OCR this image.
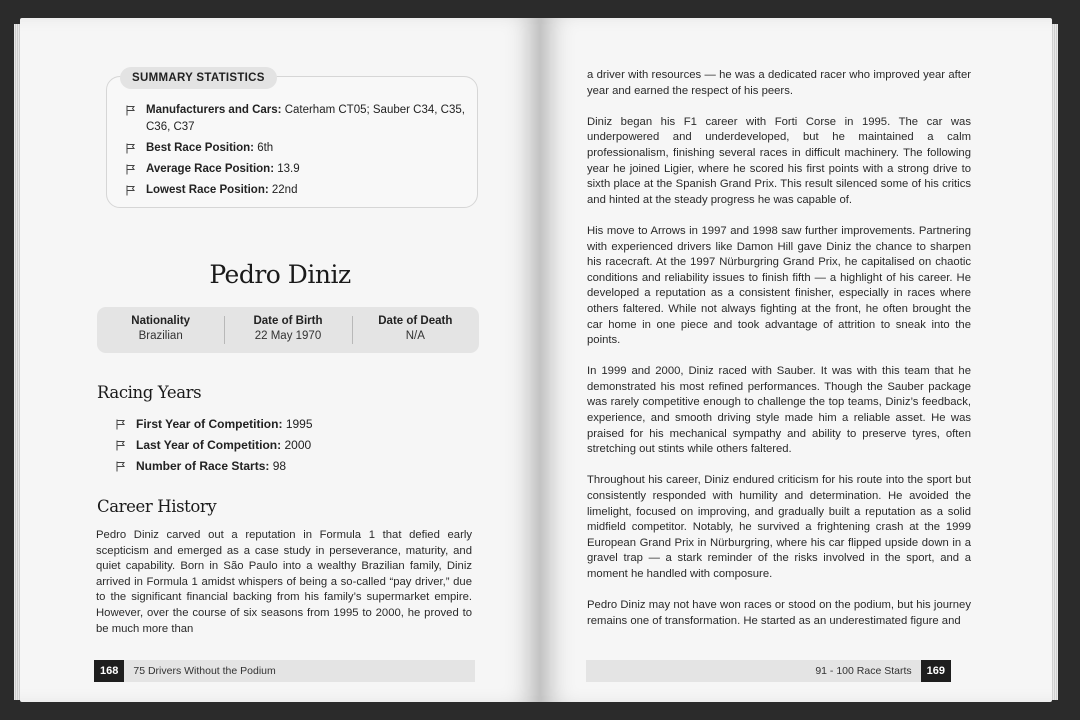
SUMMARY STATISTICS
Manufacturers and Cars: Caterham CT05; Sauber C34, C35, C36, C37
Best Race Position: 6th
Average Race Position: 13.9
Lowest Race Position: 22nd
Pedro Diniz
Nationality
Brazilian
Date of Birth
22 May 1970
Date of Death
N/A
Racing Years
First Year of Competition: 1995
Last Year of Competition: 2000
Number of Race Starts: 98
Career History

Pedro Diniz carved out a reputation in Formula 1 that defied early scepticism and emerged as a case study in perseverance, maturity, and quiet capability. Born in São Paulo into a wealthy Brazilian family, Diniz arrived in Formula 1 amidst whispers of being a so-called “pay driver,” due to the significant financial backing from his family’s supermarket empire. However, over the course of six seasons from 1995 to 2000, he proved to be much more than

168	75 Drivers Without the Podium

a driver with resources — he was a dedicated racer who improved year after year and earned the respect of his peers.

Diniz began his F1 career with Forti Corse in 1995. The car was underpowered and underdeveloped, but he maintained a calm professionalism, finishing several races in difficult machinery. The following year he joined Ligier, where he scored his first points with a strong drive to sixth place at the Spanish Grand Prix. This result silenced some of his critics and hinted at the steady progress he was capable of.

His move to Arrows in 1997 and 1998 saw further improvements. Partnering with experienced drivers like Damon Hill gave Diniz the chance to sharpen his racecraft. At the 1997 Nürburgring Grand Prix, he capitalised on chaotic conditions and reliability issues to finish fifth — a highlight of his career. He developed a reputation as a consistent finisher, especially in races where others faltered. While not always fighting at the front, he often brought the car home in one piece and took advantage of attrition to sneak into the points.

In 1999 and 2000, Diniz raced with Sauber. It was with this team that he demonstrated his most refined performances. Though the Sauber package was rarely competitive enough to challenge the top teams, Diniz’s feedback, experience, and smooth driving style made him a reliable asset. He was praised for his mechanical sympathy and ability to preserve tyres, often stretching out stints while others faltered.

Throughout his career, Diniz endured criticism for his route into the sport but consistently responded with humility and determination. He avoided the limelight, focused on improving, and gradually built a reputation as a solid midfield competitor. Notably, he survived a frightening crash at the 1999 European Grand Prix in Nürburgring, where his car flipped upside down in a gravel trap — a stark reminder of the risks involved in the sport, and a moment he handled with composure.

Pedro Diniz may not have won races or stood on the podium, but his journey remains one of transformation. He started as an underestimated figure and

91 - 100 Race Starts	169
